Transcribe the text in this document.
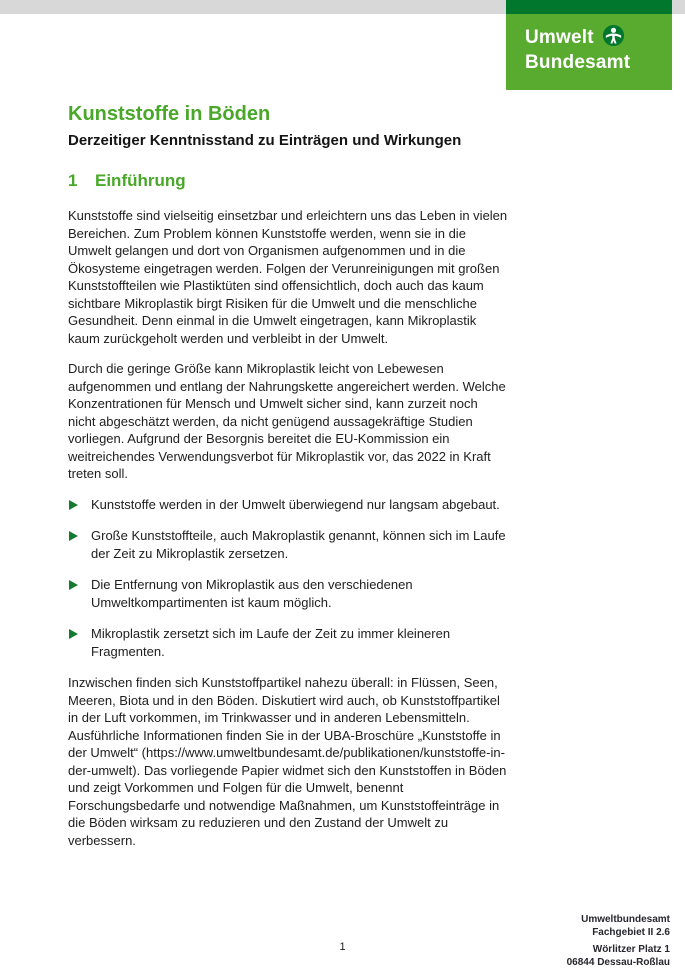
Umwelt
Bundesamt
Kunststoffe in Böden
Derzeitiger Kenntnisstand zu Einträgen und Wirkungen
1	Einführung

Kunststoffe sind vielseitig einsetzbar und erleichtern uns das Leben in vielen Bereichen. Zum Problem können Kunststoffe werden, wenn sie in die Umwelt gelangen und dort von Organismen aufgenommen und in die Ökosysteme eingetragen werden. Folgen der Verunreinigungen mit großen Kunststoffteilen wie Plastiktüten sind offensichtlich, doch auch das kaum sichtbare Mikroplastik birgt Risiken für die Umwelt und die menschliche Gesundheit. Denn einmal in die Umwelt eingetragen, kann Mikroplastik kaum zurückgeholt werden und verbleibt in der Umwelt.

Durch die geringe Größe kann Mikroplastik leicht von Lebewesen aufgenommen und entlang der Nahrungskette angereichert werden. Welche Konzentrationen für Mensch und Umwelt sicher sind, kann zurzeit noch nicht abgeschätzt werden, da nicht genügend aussagekräftige Studien vorliegen. Aufgrund der Besorgnis bereitet die EU-Kommission ein weitreichendes Verwendungsverbot für Mikroplastik vor, das 2022 in Kraft treten soll.

Kunststoffe werden in der Umwelt überwiegend nur langsam abgebaut.
Große Kunststoffteile, auch Makroplastik genannt, können sich im Laufe der Zeit zu Mikroplastik zersetzen.
Die Entfernung von Mikroplastik aus den verschiedenen Umweltkompartimenten ist kaum möglich.
Mikroplastik zersetzt sich im Laufe der Zeit zu immer kleineren Fragmenten.

Inzwischen finden sich Kunststoffpartikel nahezu überall: in Flüssen, Seen, Meeren, Biota und in den Böden. Diskutiert wird auch, ob Kunststoffpartikel in der Luft vorkommen, im Trinkwasser und in anderen Lebensmitteln. Ausführliche Informationen finden Sie in der UBA-Broschüre „Kunststoffe in der Umwelt“ (https://www.umweltbundesamt.de/publikationen/kunststoffe-in-der-umwelt). Das vorliegende Papier widmet sich den Kunststoffen in Böden und zeigt Vorkommen und Folgen für die Umwelt, benennt Forschungsbedarfe und notwendige Maßnahmen, um Kunststoffeinträge in die Böden wirksam zu reduzieren und den Zustand der Umwelt zu verbessern.

1
Umweltbundesamt
Fachgebiet II 2.6
Wörlitzer Platz 1
06844 Dessau-Roßlau
